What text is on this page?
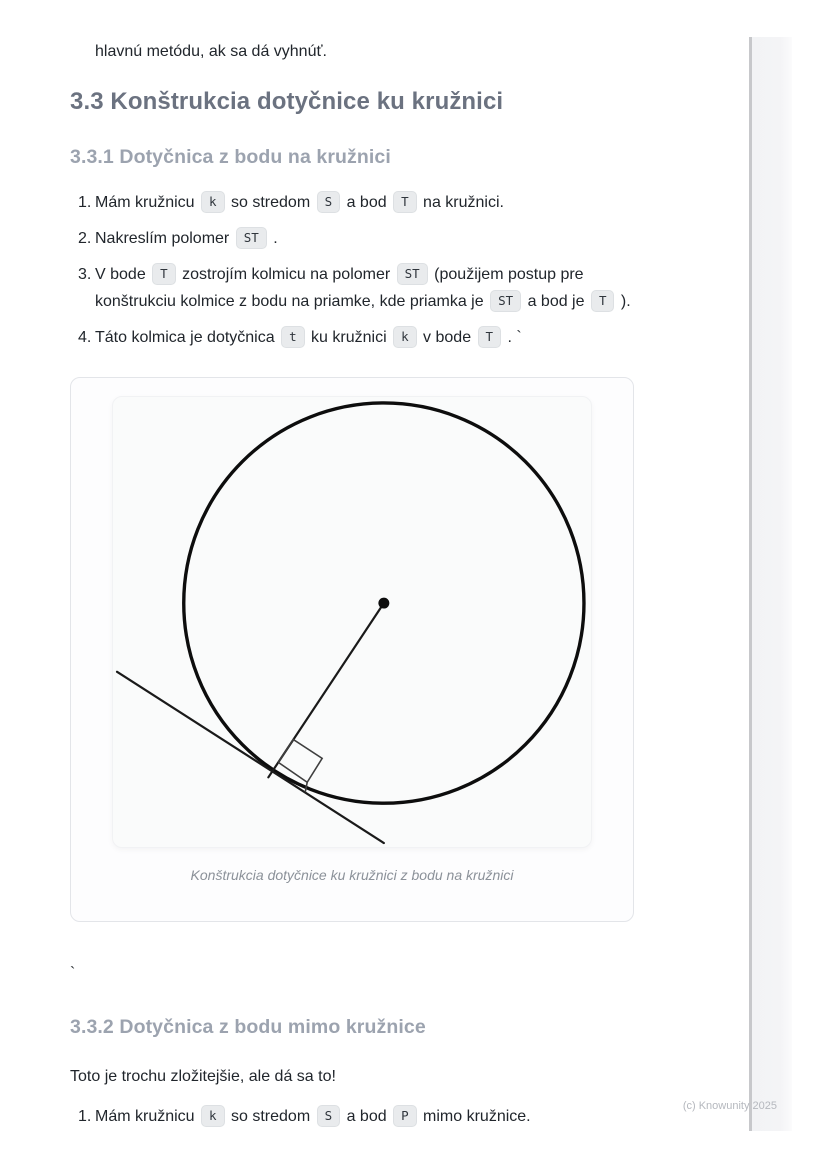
hlavnú metódu, ak sa dá vyhnúť.

3.3 Konštrukcia dotyčnice ku kružnici
3.3.1 Dotyčnica z bodu na kružnici
1. Mám kružnicu k so stredom S a bod T na kružnici.
2. Nakreslím polomer ST .
3. V bode T zostrojím kolmicu na polomer ST (použijem postup pre konštrukciu kolmice z bodu na priamke, kde priamka je ST a bod je T ).
4. Táto kolmica je dotyčnica t ku kružnici k v bode T . `
Konštrukcia dotyčnice ku kružnici z bodu na kružnici

`

3.3.2 Dotyčnica z bodu mimo kružnice

Toto je trochu zložitejšie, ale dá sa to!

1. Mám kružnicu k so stredom S a bod P mimo kružnice.
(c) Knowunity 2025
